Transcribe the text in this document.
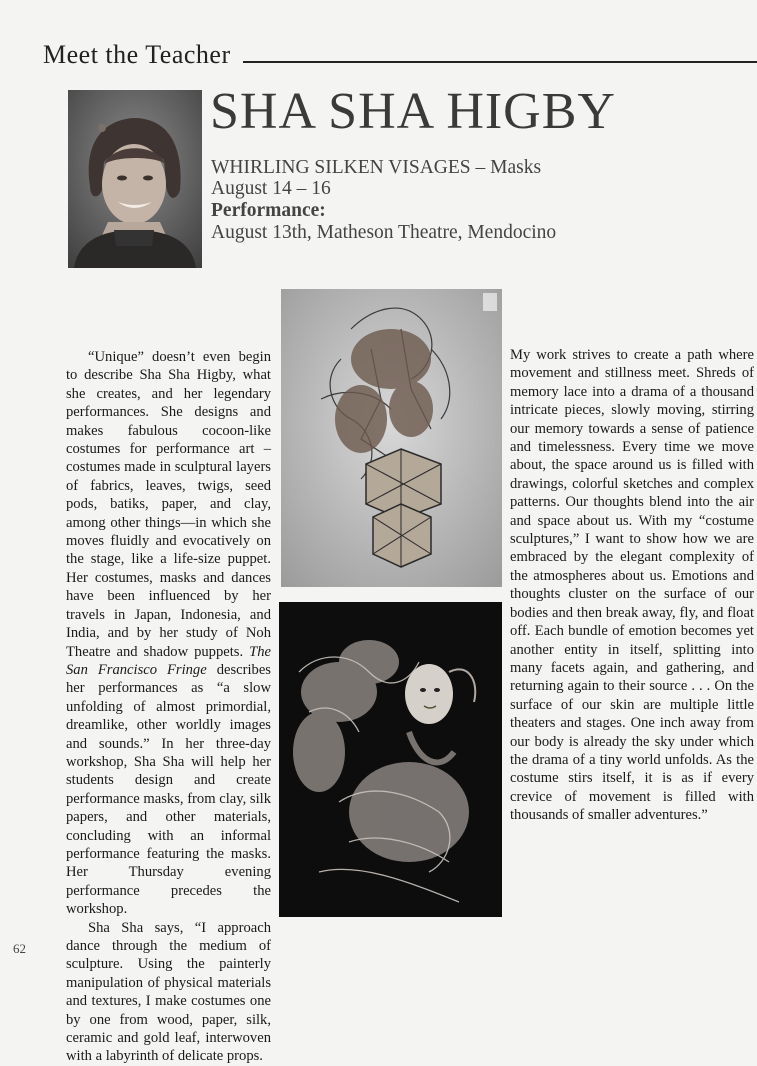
Meet the Teacher
SHA SHA HIGBY
WHIRLING SILKEN VISAGES – Masks
August 14 – 16
Performance:
August 13th, Matheson Theatre, Mendocino

“Unique” doesn’t even begin to describe Sha Sha Higby, what she creates, and her legendary performances. She designs and makes fabulous cocoon-like costumes for performance art – costumes made in sculptural layers of fabrics, leaves, twigs, seed pods, batiks, paper, and clay, among other things—in which she moves fluidly and evocatively on the stage, like a life-size puppet. Her costumes, masks and dances have been influenced by her travels in Japan, Indonesia, and India, and by her study of Noh Theatre and shadow puppets. The San Francisco Fringe describes her performances as “a slow unfolding of almost primordial, dreamlike, other worldly images and sounds.” In her three-day workshop, Sha Sha will help her students design and create performance masks, from clay, silk papers, and other materials, concluding with an informal performance featuring the masks. Her Thursday evening performance precedes the workshop.

Sha Sha says, “I approach dance through the medium of sculpture. Using the painterly manipulation of physical materials and textures, I make costumes one by one from wood, paper, silk, ceramic and gold leaf, interwoven with a labyrinth of delicate props.

My work strives to create a path where movement and stillness meet. Shreds of memory lace into a drama of a thousand intricate pieces, slowly moving, stirring our memory towards a sense of patience and timelessness. Every time we move about, the space around us is filled with drawings, colorful sketches and complex patterns. Our thoughts blend into the air and space about us. With my “costume sculptures,” I want to show how we are embraced by the elegant complexity of the atmospheres about us. Emotions and thoughts cluster on the surface of our bodies and then break away, fly, and float off. Each bundle of emotion becomes yet another entity in itself, splitting into many facets again, and gathering, and returning again to their source . . . On the surface of our skin are multiple little theaters and stages. One inch away from our body is already the sky under which the drama of a tiny world unfolds. As the costume stirs itself, it is as if every crevice of movement is filled with thousands of smaller adventures.”

62
